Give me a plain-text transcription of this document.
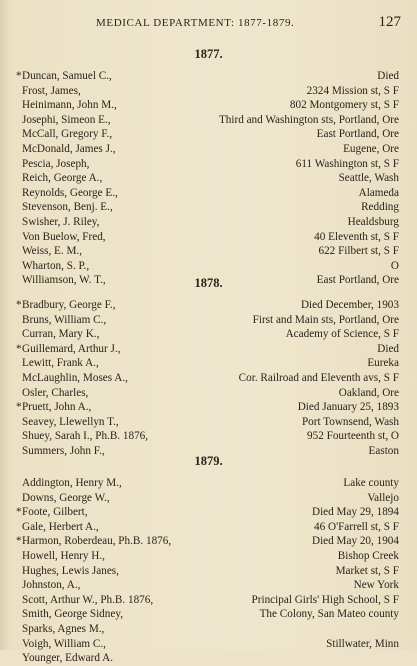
MEDICAL DEPARTMENT: 1877-1879.	127
1877.
* Duncan, Samuel C.,	Died
Frost, James,	2324 Mission st, S F
Heinimann, John M.,	802 Montgomery st, S F
Josephi, Simeon E.,	Third and Washington sts, Portland, Ore
McCall, Gregory F.,	East Portland, Ore
McDonald, James J.,	Eugene, Ore
Pescia, Joseph,	611 Washington st, S F
Reich, George A.,	Seattle, Wash
Reynolds, George E.,	Alameda
Stevenson, Benj. E.,	Redding
Swisher, J. Riley,	Healdsburg
Von Buelow, Fred,	40 Eleventh st, S F
Weiss, E. M.,	622 Filbert st, S F
Wharton, S. P.,	O
Williamson, W. T.,	East Portland, Ore
1878.
* Bradbury, George F.,	Died December, 1903
Bruns, William C.,	First and Main sts, Portland, Ore
Curran, Mary K.,	Academy of Science, S F
* Guillemard, Arthur J.,	Died
Lewitt, Frank A.,	Eureka
McLaughlin, Moses A.,	Cor. Railroad and Eleventh avs, S F
Osler, Charles,	Oakland, Ore
* Pruett, John A.,	Died January 25, 1893
Seavey, Llewellyn T.,	Port Townsend, Wash
Shuey, Sarah I., Ph.B. 1876,	952 Fourteenth st, O
Summers, John F.,	Easton
1879.
Addington, Henry M.,	Lake county
Downs, George W.,	Vallejo
* Foote, Gilbert,	Died May 29, 1894
Gale, Herbert A.,	46 O'Farrell st, S F
* Harmon, Roberdeau, Ph.B. 1876,	Died May 20, 1904
Howell, Henry H.,	Bishop Creek
Hughes, Lewis Janes,	Market st, S F
Johnston, A.,	New York
Scott, Arthur W., Ph.B. 1876,	Principal Girls' High School, S F
Smith, George Sidney,	The Colony, San Mateo county
Sparks, Agnes M.,
Voigh, William C.,	Stillwater, Minn
Younger, Edward A.
